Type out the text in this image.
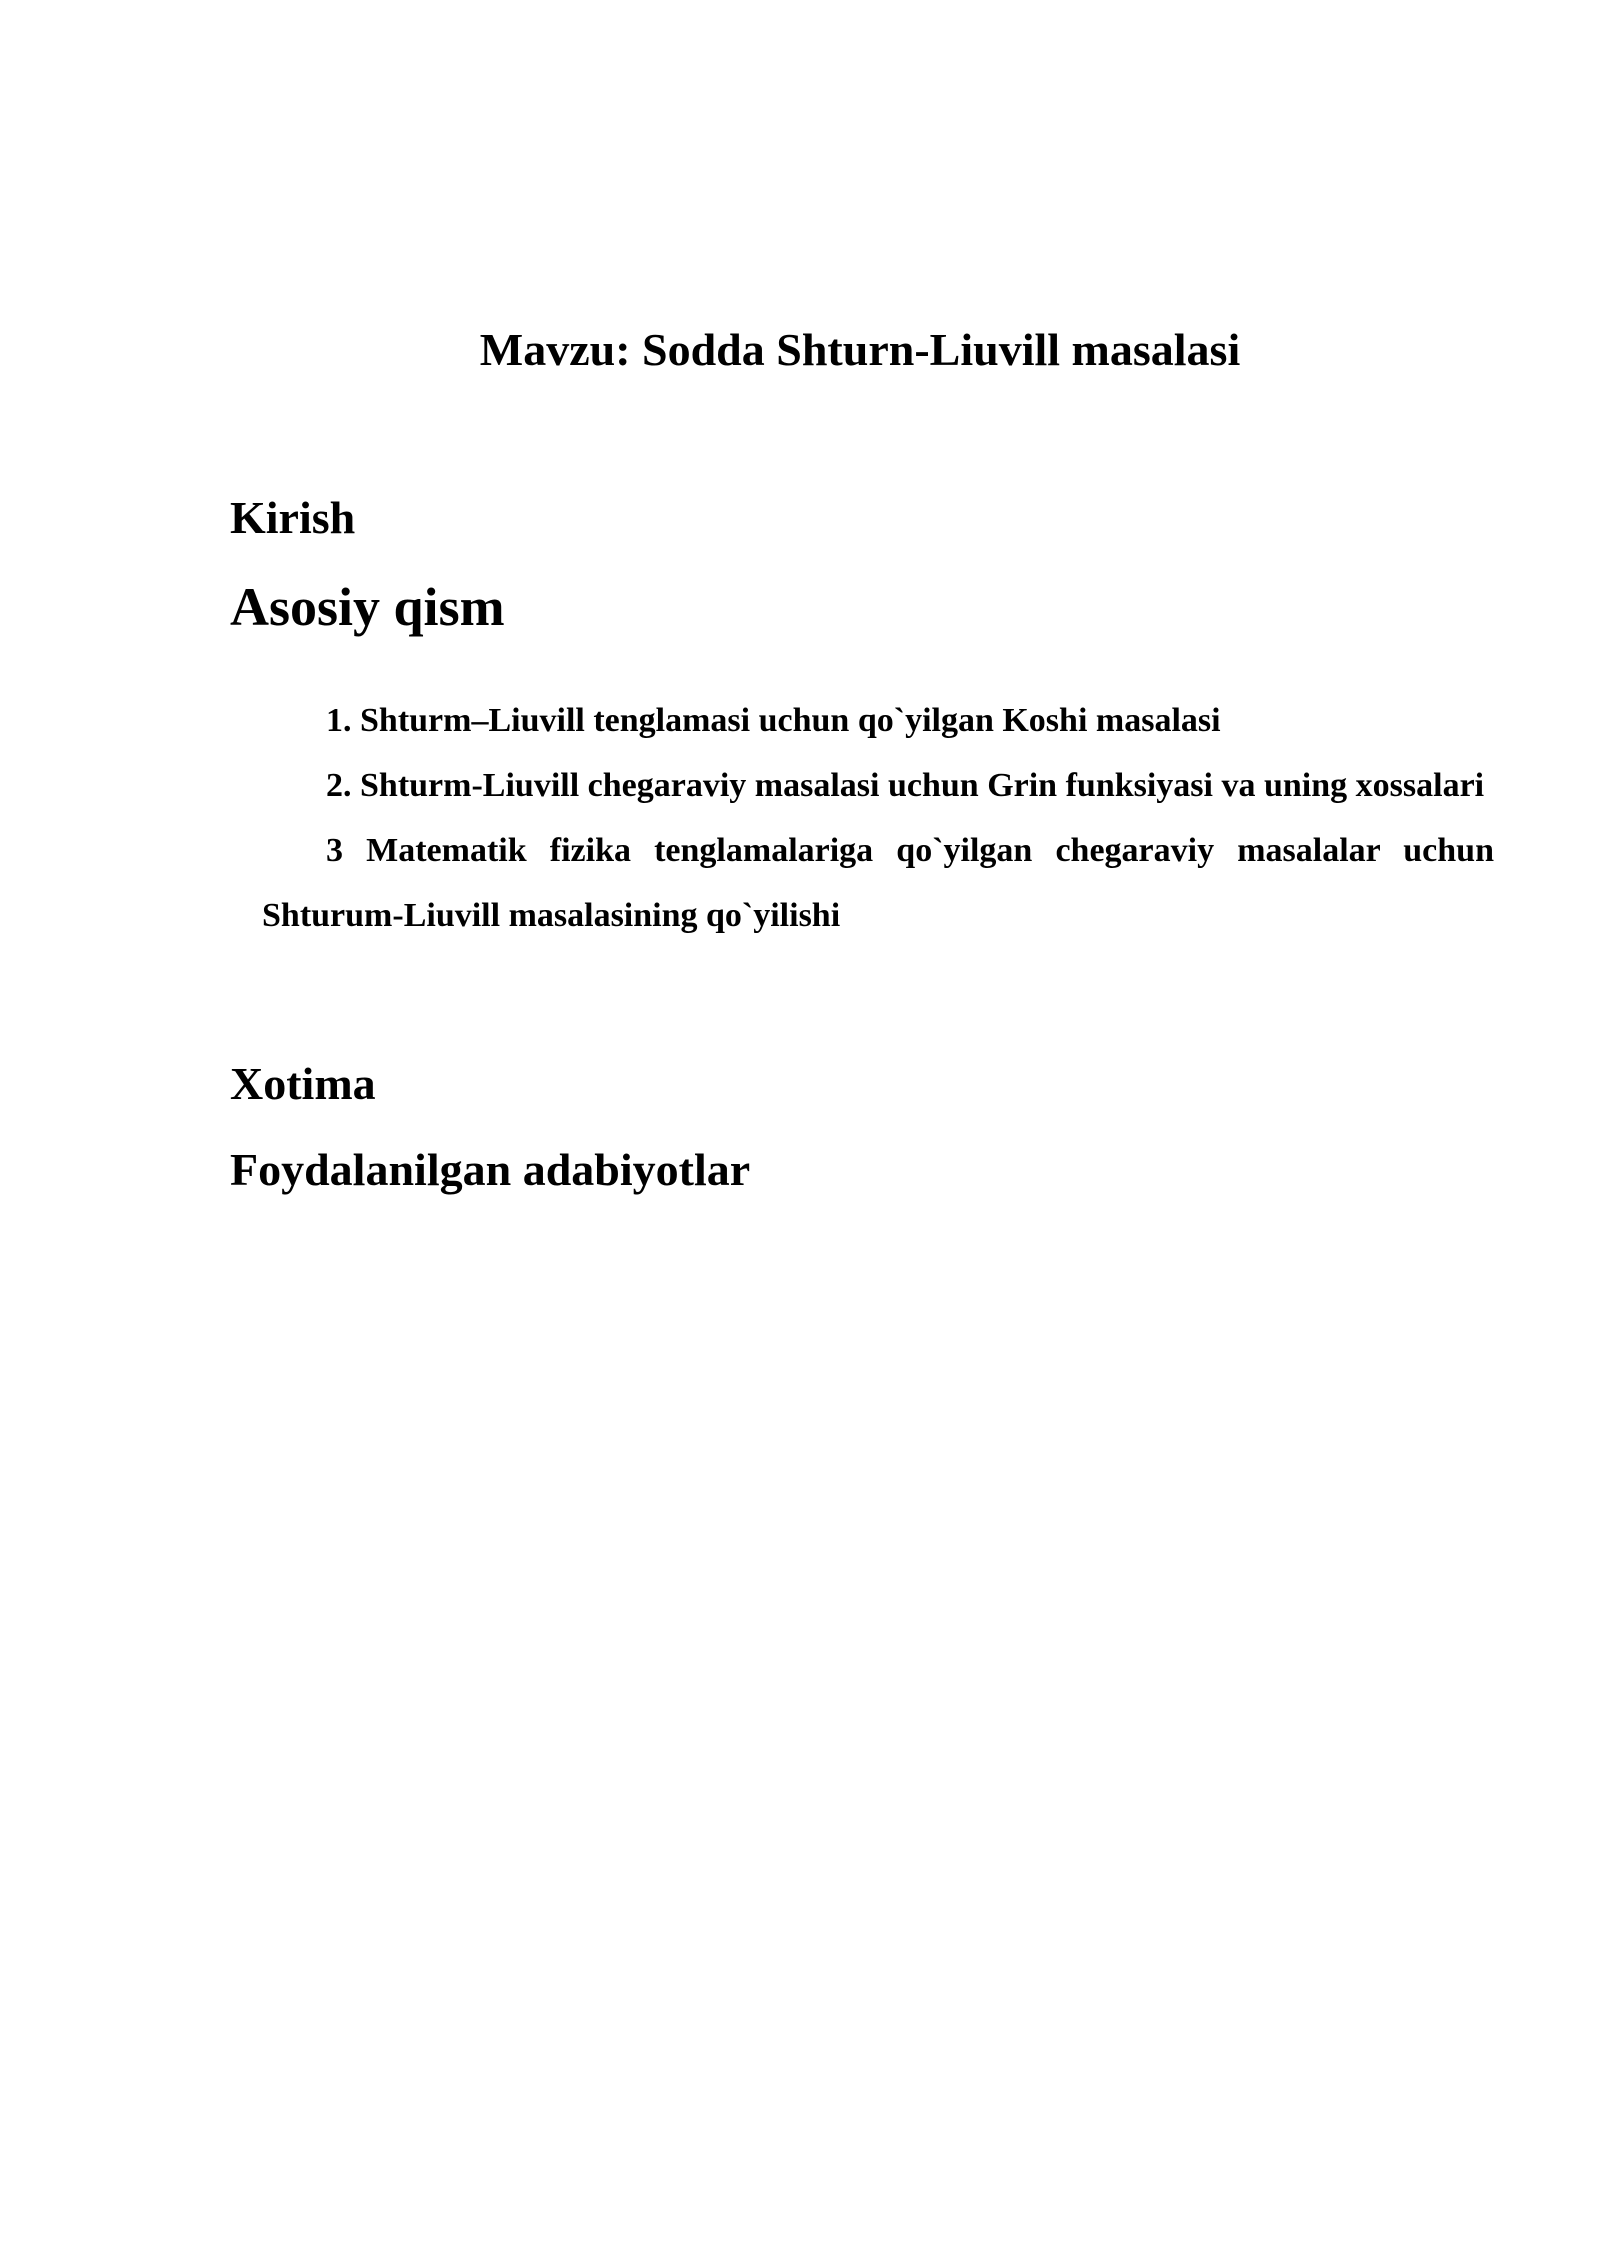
Mavzu: Sodda Shturn-Liuvill masalasi
Kirish
Asosiy qism

1. Shturm–Liuvill tenglamasi uchun qo`yilgan Koshi masalasi

2. Shturm-Liuvill chegaraviy masalasi uchun Grin funksiyasi va uning xossalari

3 Matematik fizika tenglamalariga qo`yilgan chegaraviy masalalar uchun Shturum-Liuvill masalasining qo`yilishi

Xotima
Foydalanilgan adabiyotlar
